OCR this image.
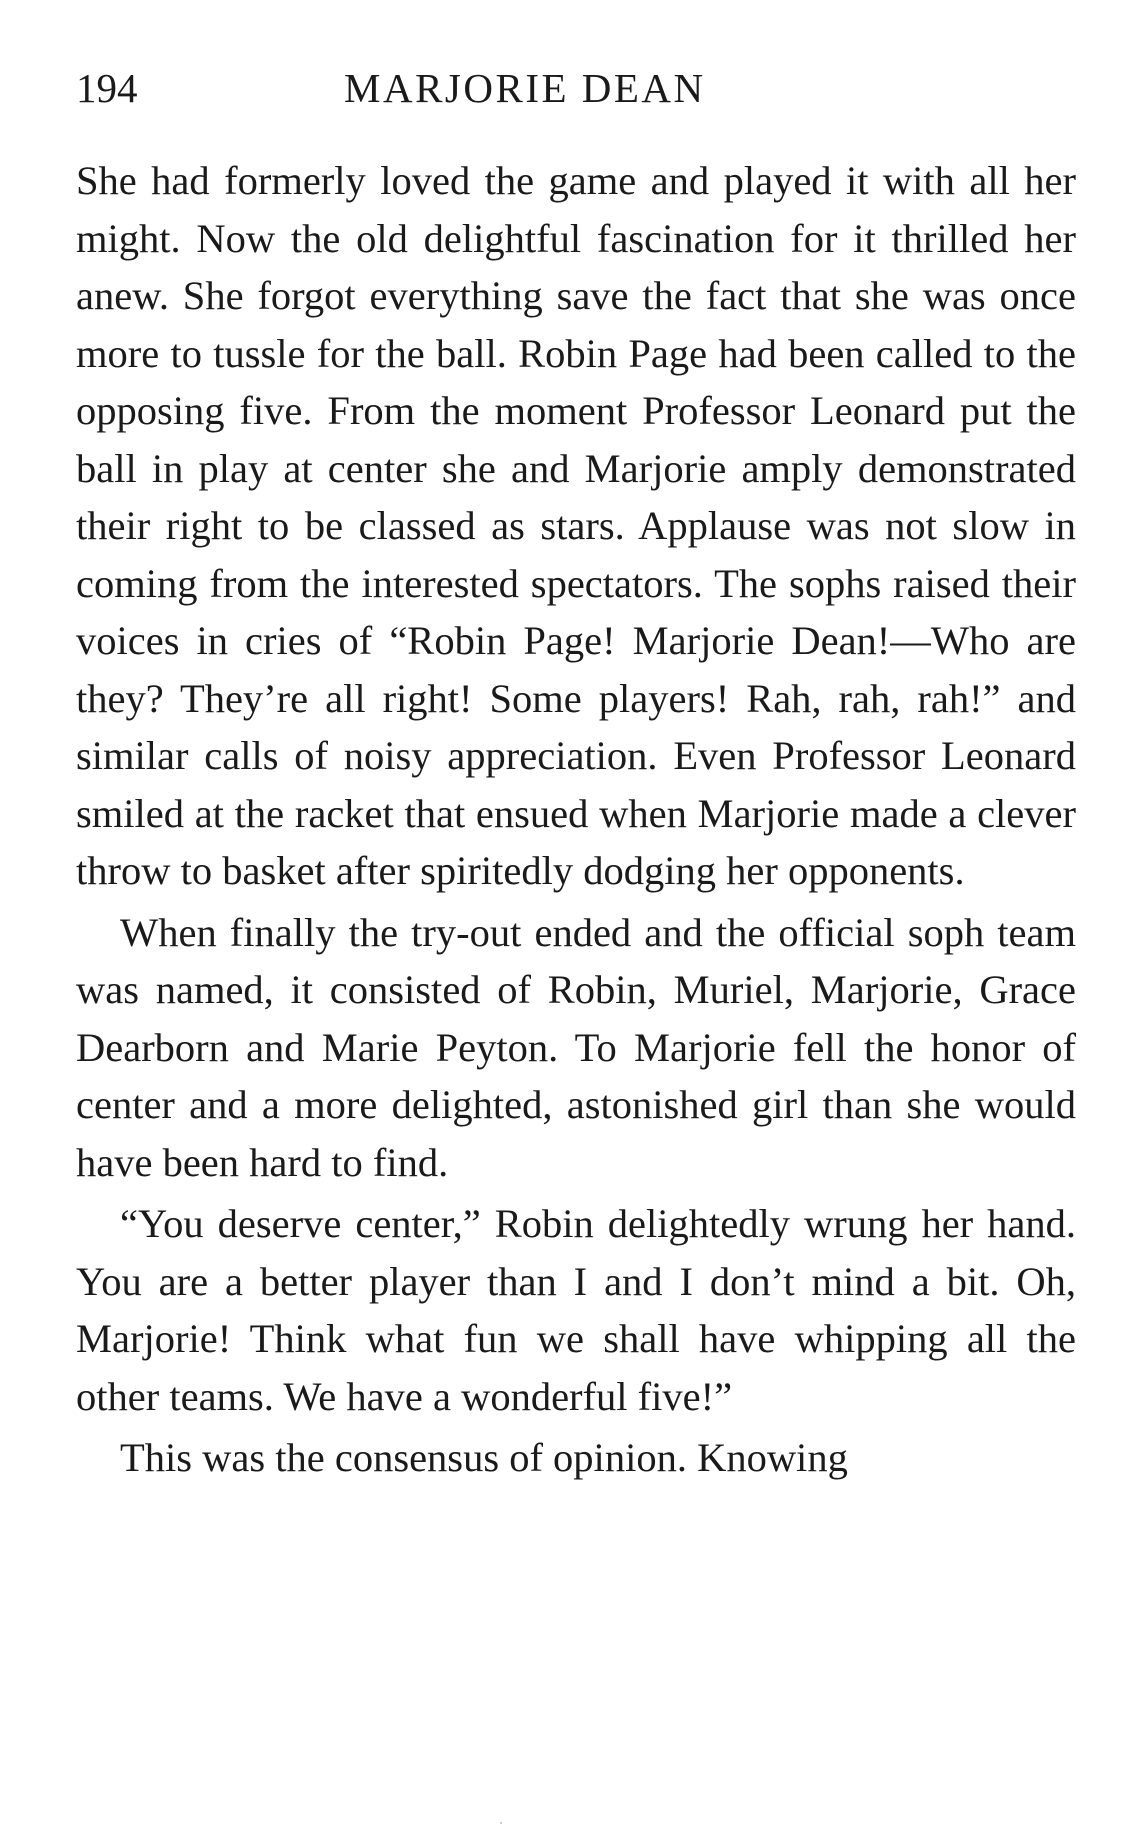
194	MARJORIE DEAN

She had formerly loved the game and played it with all her might. Now the old delightful fascination for it thrilled her anew. She forgot everything save the fact that she was once more to tussle for the ball. Robin Page had been called to the opposing five. From the moment Professor Leonard put the ball in play at center she and Marjorie amply demonstrated their right to be classed as stars. Applause was not slow in coming from the interested spectators. The sophs raised their voices in cries of “Robin Page! Marjorie Dean!—Who are they? They’re all right! Some players! Rah, rah, rah!” and similar calls of noisy appreciation. Even Professor Leonard smiled at the racket that ensued when Marjorie made a clever throw to basket after spiritedly dodging her opponents.

When finally the try-out ended and the official soph team was named, it consisted of Robin, Muriel, Marjorie, Grace Dearborn and Marie Peyton. To Marjorie fell the honor of center and a more delighted, astonished girl than she would have been hard to find.

“You deserve center,” Robin delightedly wrung her hand. You are a better player than I and I don’t mind a bit. Oh, Marjorie! Think what fun we shall have whipping all the other teams. We have a wonderful five!”

This was the consensus of opinion. Knowing
